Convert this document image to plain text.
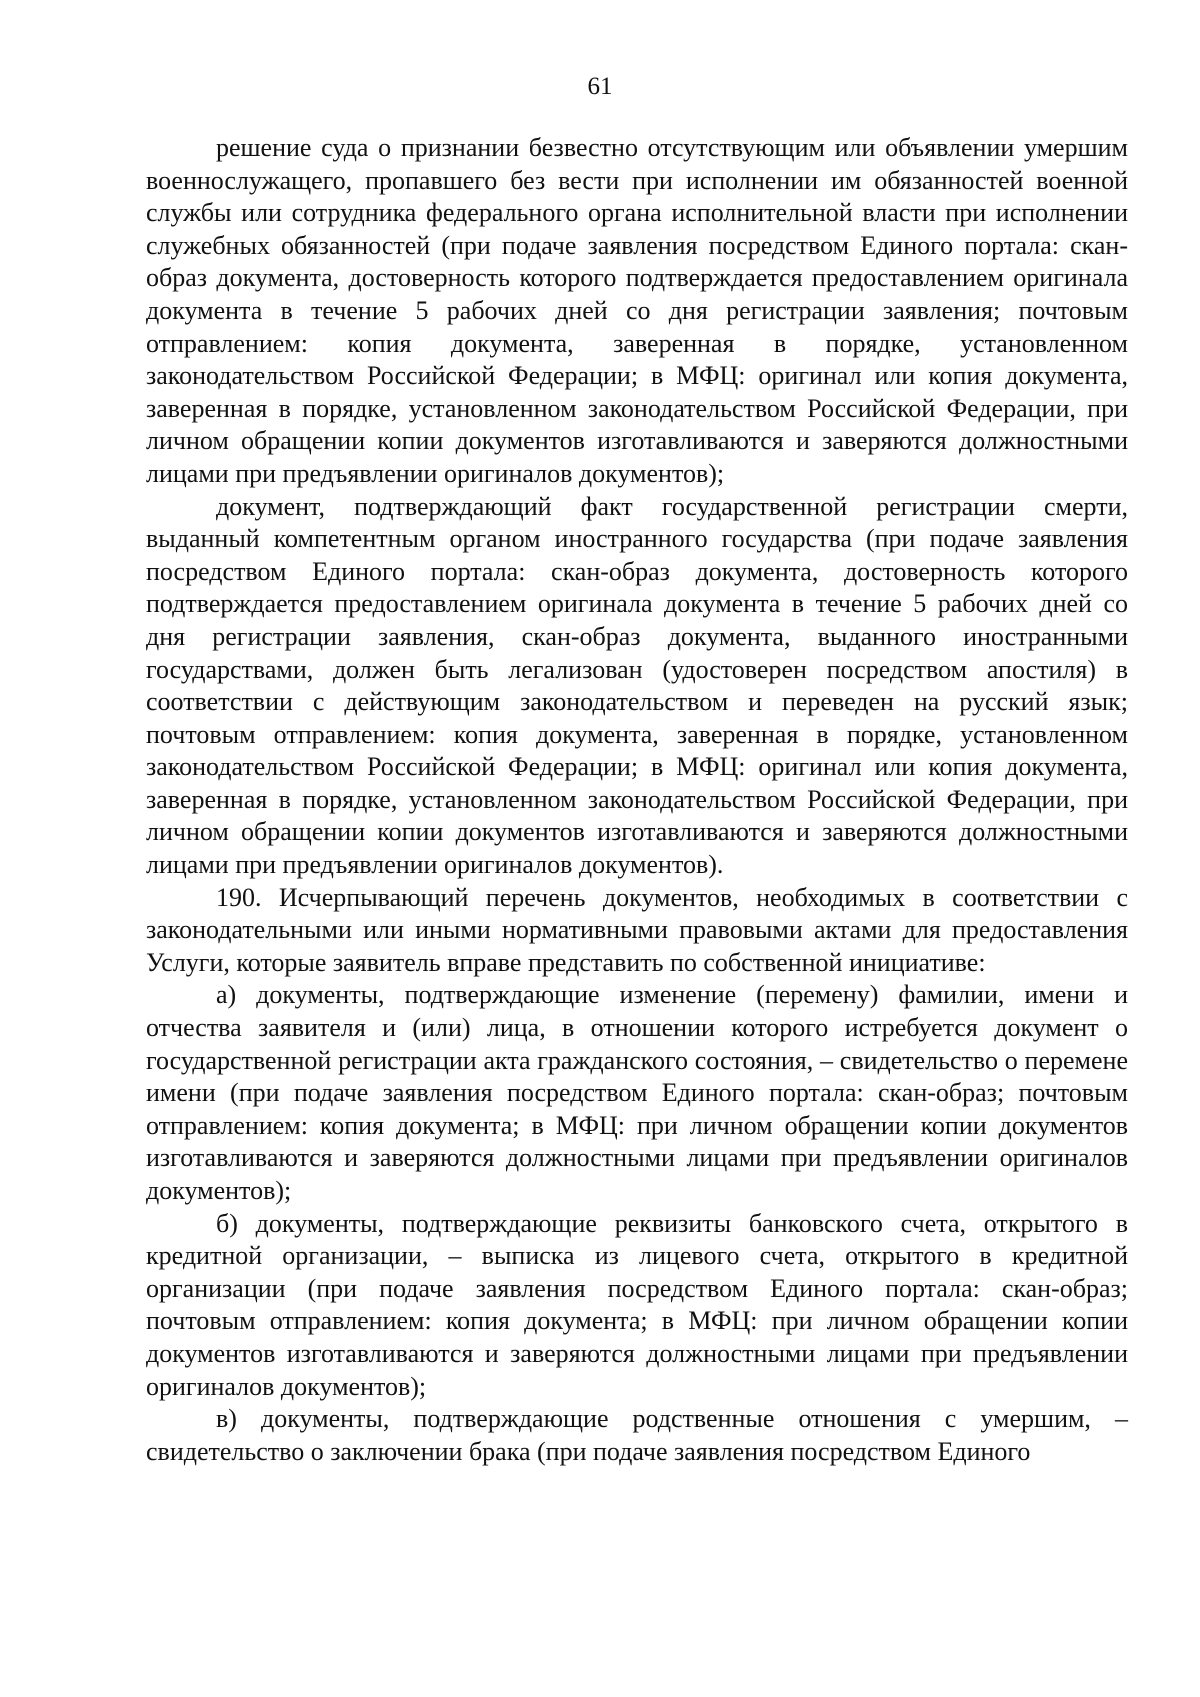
61

решение суда о признании безвестно отсутствующим или объявлении умершим военнослужащего, пропавшего без вести при исполнении им обязанностей военной службы или сотрудника федерального органа исполнительной власти при исполнении служебных обязанностей (при подаче заявления посредством Единого портала: скан-образ документа, достоверность которого подтверждается предоставлением оригинала документа в течение 5 рабочих дней со дня регистрации заявления; почтовым отправлением: копия документа, заверенная в порядке, установленном законодательством Российской Федерации; в МФЦ: оригинал или копия документа, заверенная в порядке, установленном законодательством Российской Федерации, при личном обращении копии документов изготавливаются и заверяются должностными лицами при предъявлении оригиналов документов);

документ, подтверждающий факт государственной регистрации смерти, выданный компетентным органом иностранного государства (при подаче заявления посредством Единого портала: скан-образ документа, достоверность которого подтверждается предоставлением оригинала документа в течение 5 рабочих дней со дня регистрации заявления, скан-образ документа, выданного иностранными государствами, должен быть легализован (удостоверен посредством апостиля) в соответствии с действующим законодательством и переведен на русский язык; почтовым отправлением: копия документа, заверенная в порядке, установленном законодательством Российской Федерации; в МФЦ: оригинал или копия документа, заверенная в порядке, установленном законодательством Российской Федерации, при личном обращении копии документов изготавливаются и заверяются должностными лицами при предъявлении оригиналов документов).

190. Исчерпывающий перечень документов, необходимых в соответствии с законодательными или иными нормативными правовыми актами для предоставления Услуги, которые заявитель вправе представить по собственной инициативе:

а) документы, подтверждающие изменение (перемену) фамилии, имени и отчества заявителя и (или) лица, в отношении которого истребуется документ о государственной регистрации акта гражданского состояния, – свидетельство о перемене имени (при подаче заявления посредством Единого портала: скан-образ; почтовым отправлением: копия документа; в МФЦ: при личном обращении копии документов изготавливаются и заверяются должностными лицами при предъявлении оригиналов документов);

б) документы, подтверждающие реквизиты банковского счета, открытого в кредитной организации, – выписка из лицевого счета, открытого в кредитной организации (при подаче заявления посредством Единого портала: скан-образ; почтовым отправлением: копия документа; в МФЦ: при личном обращении копии документов изготавливаются и заверяются должностными лицами при предъявлении оригиналов документов);

в) документы, подтверждающие родственные отношения с умершим, – свидетельство о заключении брака (при подаче заявления посредством Единого
